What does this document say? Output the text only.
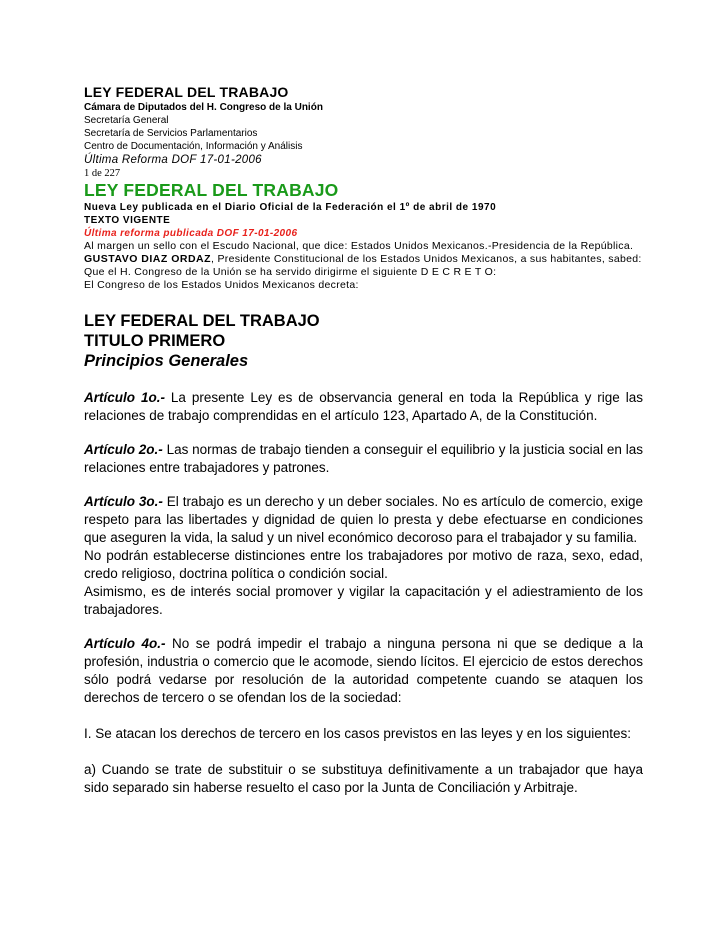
LEY FEDERAL DEL TRABAJO
Cámara de Diputados del H. Congreso de la Unión
Secretaría General
Secretaría de Servicios Parlamentarios
Centro de Documentación, Información y Análisis
Última Reforma DOF 17-01-2006
1 de 227
LEY FEDERAL DEL TRABAJO
Nueva Ley publicada en el Diario Oficial de la Federación el 1º de abril de 1970
TEXTO VIGENTE
Última reforma publicada DOF 17-01-2006
Al margen un sello con el Escudo Nacional, que dice: Estados Unidos Mexicanos.-Presidencia de la República.
GUSTAVO DIAZ ORDAZ, Presidente Constitucional de los Estados Unidos Mexicanos, a sus habitantes, sabed:
Que el H. Congreso de la Unión se ha servido dirigirme el siguiente D E C R E T O:
El Congreso de los Estados Unidos Mexicanos decreta:
LEY FEDERAL DEL TRABAJO
TITULO PRIMERO
Principios Generales
Artículo 1o.- La presente Ley es de observancia general en toda la República y rige las relaciones de trabajo comprendidas en el artículo 123, Apartado A, de la Constitución.
Artículo 2o.- Las normas de trabajo tienden a conseguir el equilibrio y la justicia social en las relaciones entre trabajadores y patrones.
Artículo 3o.- El trabajo es un derecho y un deber sociales. No es artículo de comercio, exige respeto para las libertades y dignidad de quien lo presta y debe efectuarse en condiciones que aseguren la vida, la salud y un nivel económico decoroso para el trabajador y su familia.
No podrán establecerse distinciones entre los trabajadores por motivo de raza, sexo, edad, credo religioso, doctrina política o condición social.
Asimismo, es de interés social promover y vigilar la capacitación y el adiestramiento de los trabajadores.
Artículo 4o.- No se podrá impedir el trabajo a ninguna persona ni que se dedique a la profesión, industria o comercio que le acomode, siendo lícitos. El ejercicio de estos derechos sólo podrá vedarse por resolución de la autoridad competente cuando se ataquen los derechos de tercero o se ofendan los de la sociedad:
I. Se atacan los derechos de tercero en los casos previstos en las leyes y en los siguientes:
a) Cuando se trate de substituir o se substituya definitivamente a un trabajador que haya sido separado sin haberse resuelto el caso por la Junta de Conciliación y Arbitraje.
